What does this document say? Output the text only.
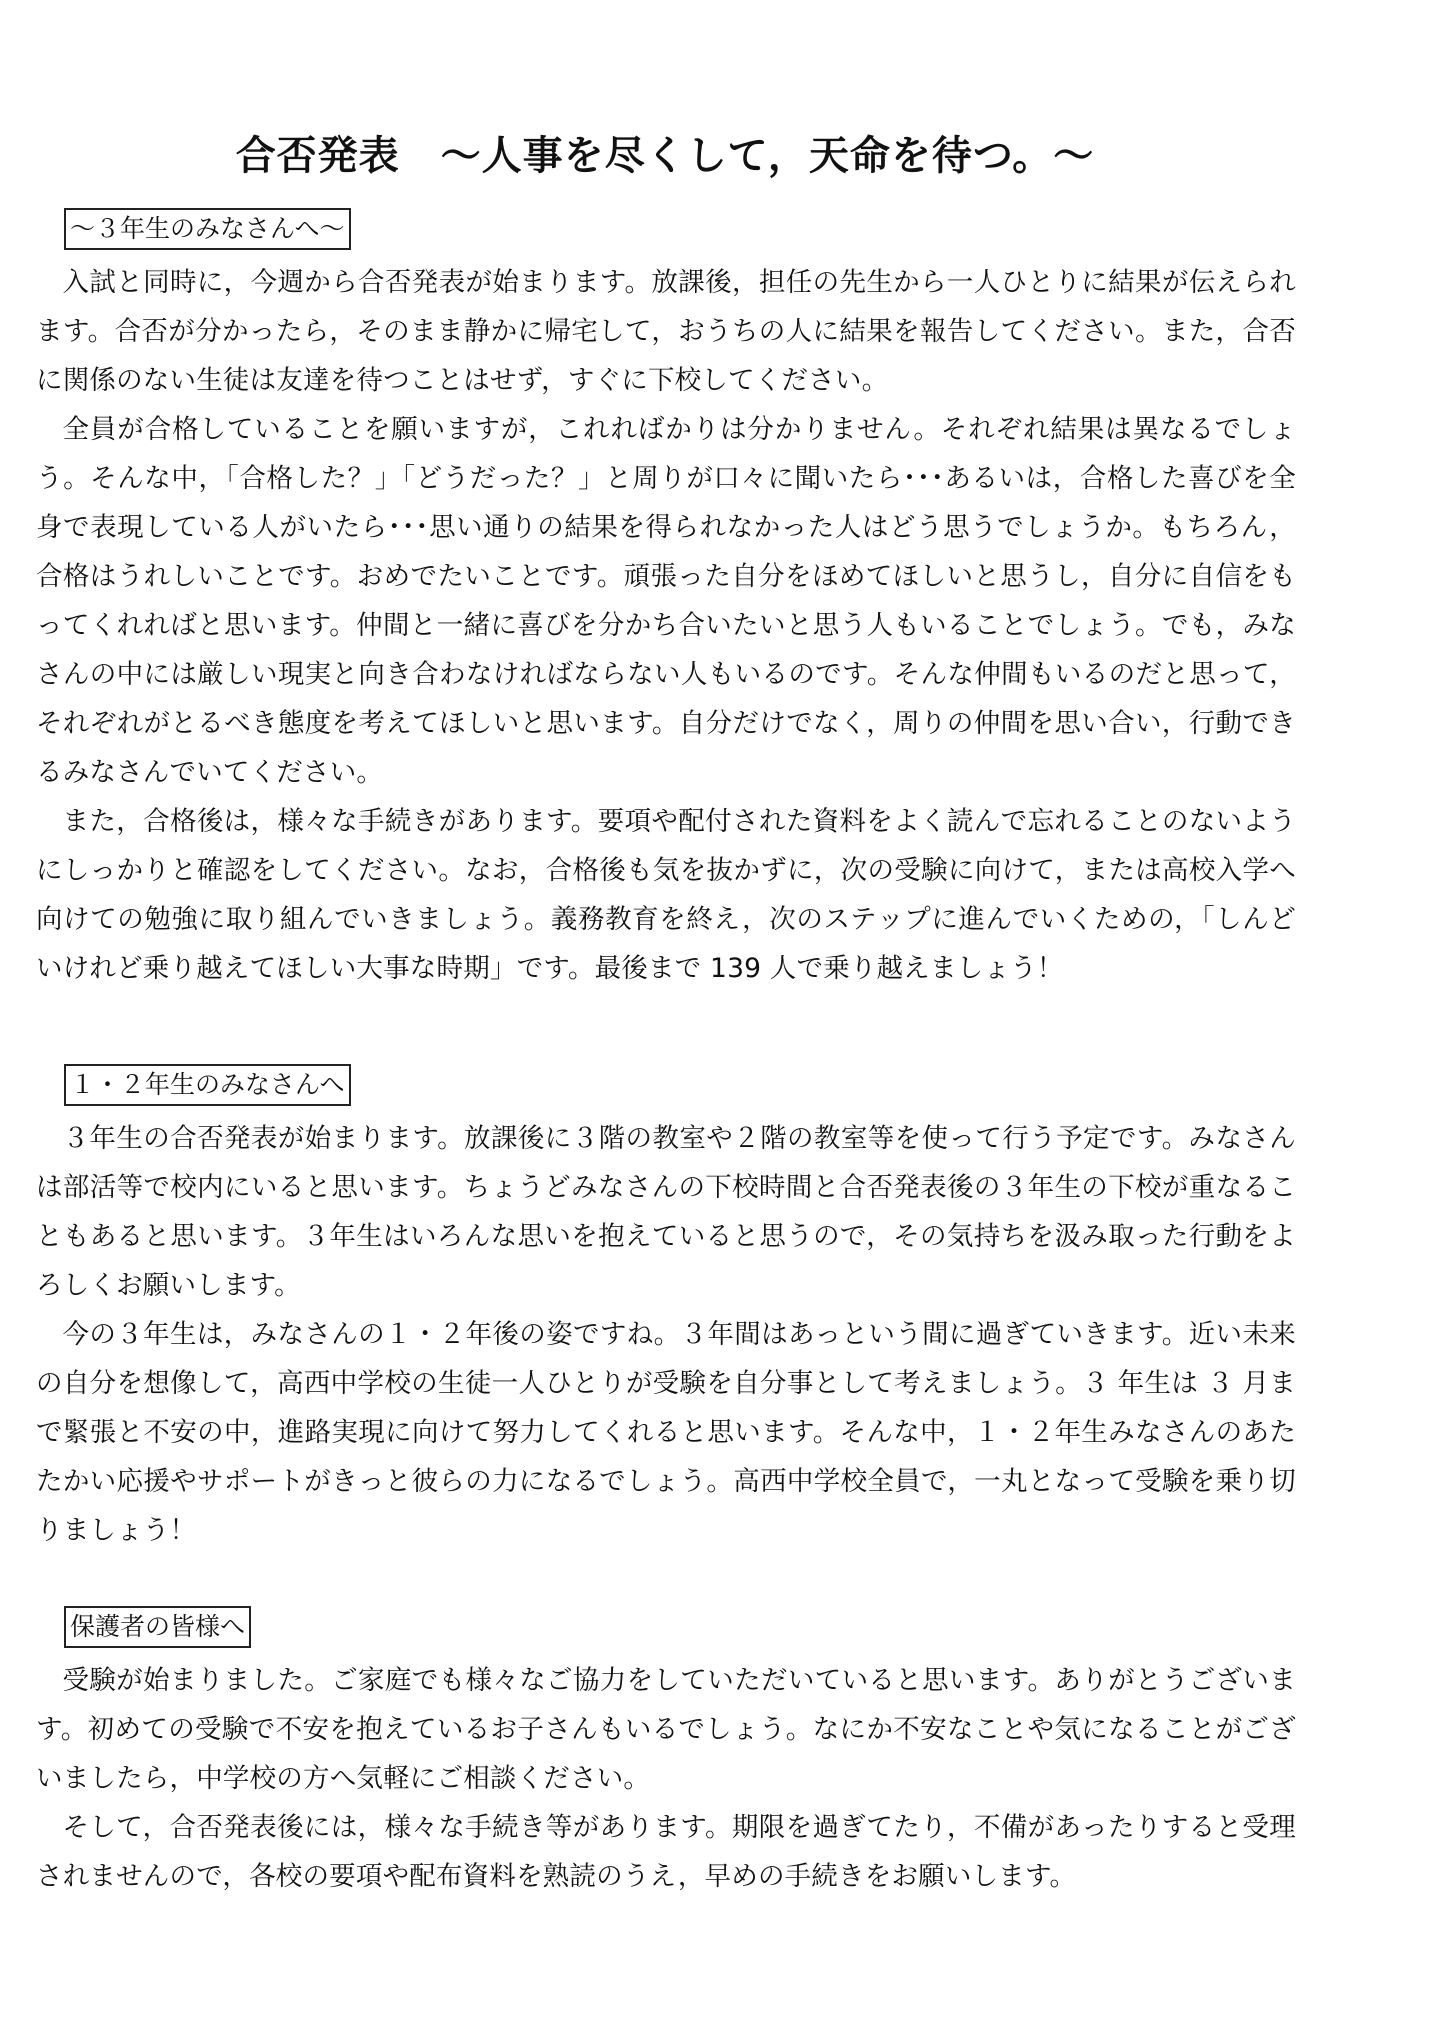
合否発表　～人事を尽くして，天命を待つ。～
～３年生のみなさんへ～

入試と同時に，今週から合否発表が始まります。放課後，担任の先生から一人ひとりに結果が伝えられます。合否が分かったら，そのまま静かに帰宅して，おうちの人に結果を報告してください。また，合否に関係のない生徒は友達を待つことはせず，すぐに下校してください。

全員が合格していることを願いますが，これればかりは分かりません。それぞれ結果は異なるでしょう。そんな中，「合格した？」「どうだった？」と周りが口々に聞いたら･･･あるいは，合格した喜びを全身で表現している人がいたら･･･思い通りの結果を得られなかった人はどう思うでしょうか。もちろん，合格はうれしいことです。おめでたいことです。頑張った自分をほめてほしいと思うし，自分に自信をもってくれればと思います。仲間と一緒に喜びを分かち合いたいと思う人もいることでしょう。でも，みなさんの中には厳しい現実と向き合わなければならない人もいるのです。そんな仲間もいるのだと思って，それぞれがとるべき態度を考えてほしいと思います。自分だけでなく，周りの仲間を思い合い，行動できるみなさんでいてください。

また，合格後は，様々な手続きがあります。要項や配付された資料をよく読んで忘れることのないようにしっかりと確認をしてください。なお，合格後も気を抜かずに，次の受験に向けて，または高校入学へ向けての勉強に取り組んでいきましょう。義務教育を終え，次のステップに進んでいくための，「しんどいけれど乗り越えてほしい大事な時期」です。最後まで 139 人で乗り越えましょう！

１・２年生のみなさんへ

３年生の合否発表が始まります。放課後に３階の教室や２階の教室等を使って行う予定です。みなさんは部活等で校内にいると思います。ちょうどみなさんの下校時間と合否発表後の３年生の下校が重なることもあると思います。３年生はいろんな思いを抱えていると思うので，その気持ちを汲み取った行動をよろしくお願いします。

今の３年生は，みなさんの１・２年後の姿ですね。３年間はあっという間に過ぎていきます。近い未来の自分を想像して，高西中学校の生徒一人ひとりが受験を自分事として考えましょう。３ 年生は ３ 月まで緊張と不安の中，進路実現に向けて努力してくれると思います。そんな中，１・２年生みなさんのあたたかい応援やサポートがきっと彼らの力になるでしょう。高西中学校全員で，一丸となって受験を乗り切りましょう！

保護者の皆様へ

受験が始まりました。ご家庭でも様々なご協力をしていただいていると思います。ありがとうございます。初めての受験で不安を抱えているお子さんもいるでしょう。なにか不安なことや気になることがございましたら，中学校の方へ気軽にご相談ください。

そして，合否発表後には，様々な手続き等があります。期限を過ぎてたり，不備があったりすると受理されませんので，各校の要項や配布資料を熟読のうえ，早めの手続きをお願いします。
